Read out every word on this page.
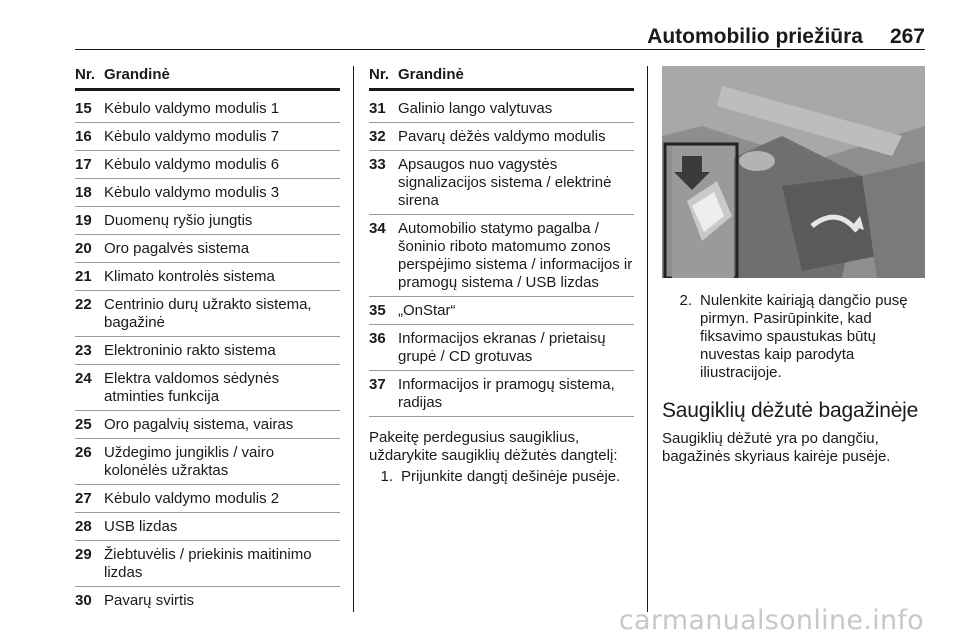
Automobilio priežiūra 267
Nr. Grandinė
15 Kėbulo valdymo modulis 1
16 Kėbulo valdymo modulis 7
17 Kėbulo valdymo modulis 6
18 Kėbulo valdymo modulis 3
19 Duomenų ryšio jungtis
20 Oro pagalvės sistema
21 Klimato kontrolės sistema
22 Centrinio durų užrakto sistema, bagažinė
23 Elektroninio rakto sistema
24 Elektra valdomos sėdynės atminties funkcija
25 Oro pagalvių sistema, vairas
26 Uždegimo jungiklis / vairo kolonėlės užraktas
27 Kėbulo valdymo modulis 2
28 USB lizdas
29 Žiebtuvėlis / priekinis maitinimo lizdas
30 Pavarų svirtis
Nr. Grandinė
31 Galinio lango valytuvas
32 Pavarų dėžės valdymo modulis
33 Apsaugos nuo vagystės signalizacijos sistema / elektrinė sirena
34 Automobilio statymo pagalba / šoninio riboto matomumo zonos perspėjimo sistema / informacijos ir pramogų sistema / USB lizdas
35 „OnStar“
36 Informacijos ekranas / prietaisų grupė / CD grotuvas
37 Informacijos ir pramogų sistema, radijas
Pakeitę perdegusius saugiklius, uždarykite saugiklių dėžutės dangtelį:
1. Prijunkite dangtį dešinėje pusėje.
2. Nulenkite kairiąją dangčio pusę pirmyn. Pasirūpinkite, kad fiksavimo spaustukas būtų nuvestas kaip parodyta iliustracijoje.
Saugiklių dėžutė bagažinėje
Saugiklių dėžutė yra po dangčiu, bagažinės skyriaus kairėje pusėje.
carmanualsonline.info
